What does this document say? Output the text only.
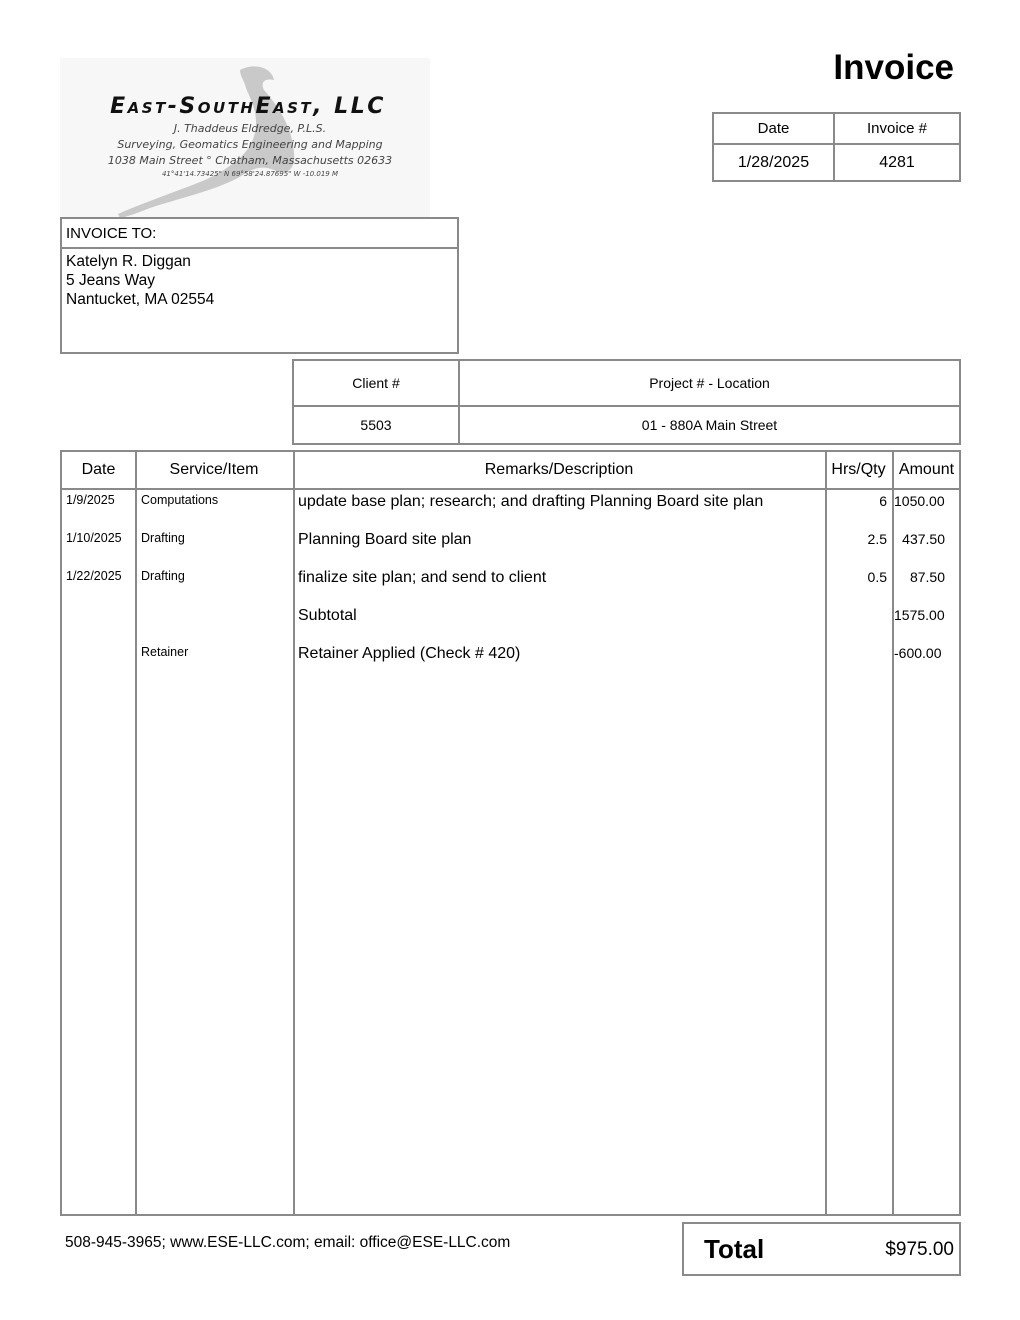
East-SouthEast, LLC
J. Thaddeus Eldredge, P.L.S.
Surveying, Geomatics Engineering and Mapping
1038 Main Street ° Chatham, Massachusetts 02633
41°41'14.73425" N 69°58'24.87695" W -10.019 M
Invoice
Date	Invoice #
1/28/2025	4281
INVOICE TO:
Katelyn R. Diggan
5 Jeans Way
Nantucket, MA 02554
Client #	Project # - Location
5503	01 - 880A Main Street
Date	Service/Item	Remarks/Description	Hrs/Qty Amount
1/9/2025 Computations	update base plan; research; and drafting Planning Board site plan	6 1050.00
1/10/2025 Drafting	Planning Board site plan	2.5 437.50
1/22/2025 Drafting	finalize site plan; and send to client	0.5 87.50
Subtotal	1575.00
Retainer	Retainer Applied (Check # 420)	-600.00
508-945-3965; www.ESE-LLC.com; email: office@ESE-LLC.com	Total	$975.00
